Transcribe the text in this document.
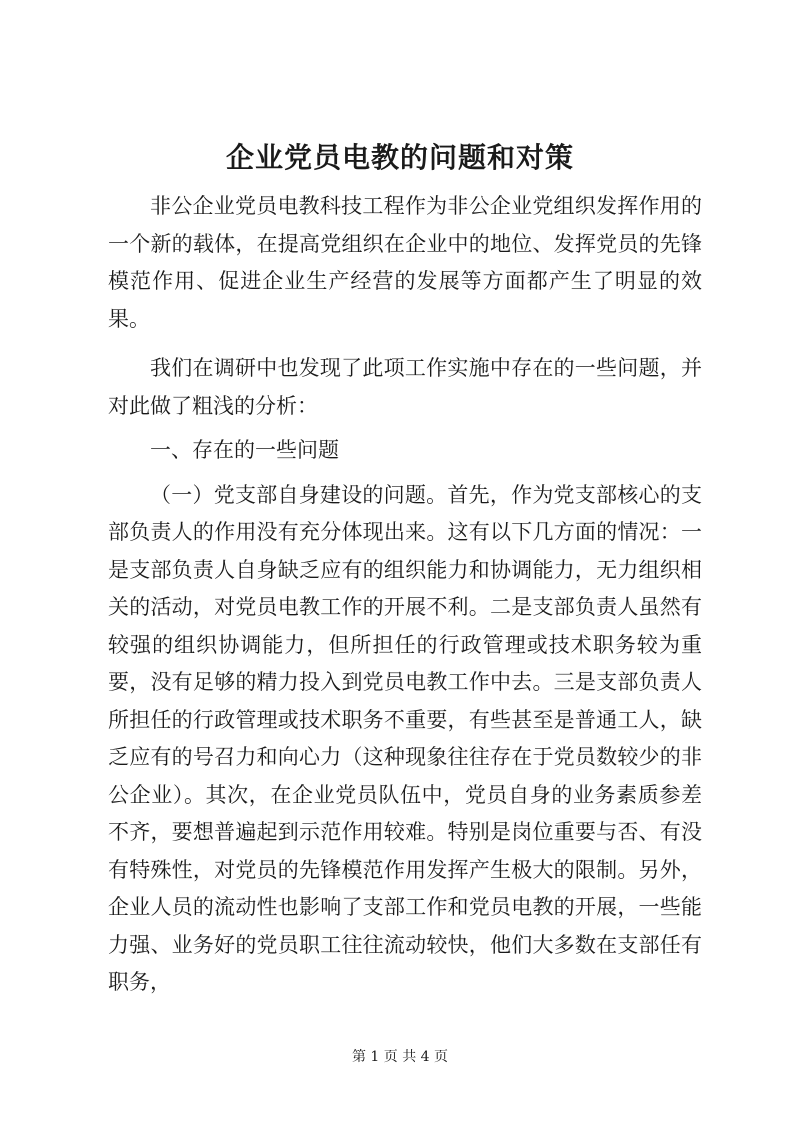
企业党员电教的问题和对策

非公企业党员电教科技工程作为非公企业党组织发挥作用的一个新的载体，在提高党组织在企业中的地位、发挥党员的先锋模范作用、促进企业生产经营的发展等方面都产生了明显的效果。

我们在调研中也发现了此项工作实施中存在的一些问题，并对此做了粗浅的分析：

一、存在的一些问题

（一）党支部自身建设的问题。首先，作为党支部核心的支部负责人的作用没有充分体现出来。这有以下几方面的情况：一是支部负责人自身缺乏应有的组织能力和协调能力，无力组织相关的活动，对党员电教工作的开展不利。二是支部负责人虽然有较强的组织协调能力，但所担任的行政管理或技术职务较为重要，没有足够的精力投入到党员电教工作中去。三是支部负责人所担任的行政管理或技术职务不重要，有些甚至是普通工人，缺乏应有的号召力和向心力（这种现象往往存在于党员数较少的非公企业）。其次，在企业党员队伍中，党员自身的业务素质参差不齐，要想普遍起到示范作用较难。特别是岗位重要与否、有没有特殊性，对党员的先锋模范作用发挥产生极大的限制。另外，企业人员的流动性也影响了支部工作和党员电教的开展，一些能力强、业务好的党员职工往往流动较快，他们大多数在支部任有职务，

第 1 页 共 4 页
